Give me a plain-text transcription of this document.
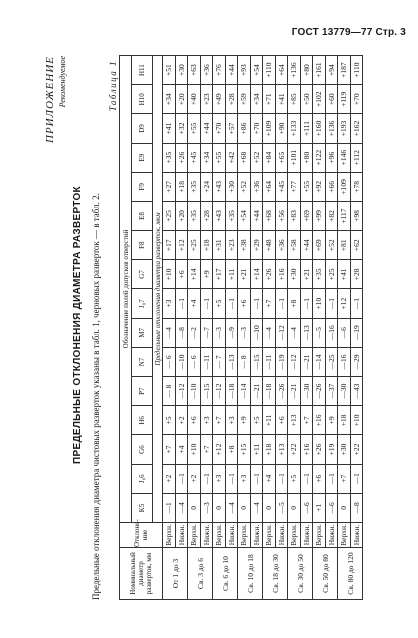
ГОСТ 13779—77 Стр. 3
ПРИЛОЖЕНИЕ Рекомендуемое
ПРЕДЕЛЬНЫЕ ОТКЛОНЕНИЯ ДИАМЕТРА РАЗВЕРТОК Предельные отклонения диаметра чистовых разверток указаны в табл. 1, черновых разверток — в табл. 2.
Таблица 1
Номинальный диаметр разверток, мм	Отклонение	Обозначение полей допусков отверстий															
		K5	J₈6	G6	H6	P7	N7	M7	J₈7	G7	F8	E8	F9	E9	D9	H10	H11
		Предельные отклонения диаметра разверток, мкм															

От 1 до 3	Верхн.	—1	+2	+7	+5	— 8	— 6	—4	+3	+10	+17	+25	+27	+35	+41	+34	+51
	Нижн.	—4	—1	+4	+2	—12	—10	—8	—1	+6	+12	+20	+18	+26	+32	+20	+30
Св. 3 до 6	Верхн.	0	+2	+10	+6	—10	— 6	—2	+4	+14	+25	+35	+35	+45	+55	+40	+63
	Нижн.	—3	—1	+7	+3	—15	—11	—7	—1	+9	+18	+28	+24	+34	+44	+23	+36
Св. 6 до 10	Верхн.	0	+3	+12	+7	—12	— 7	—3	+5	+17	+31	+43	+43	+55	+70	+49	+76
	Нижн.	—4	—1	+8	+3	—18	—13	—9	—1	+11	+23	+35	+30	+42	+57	+28	+44
Св. 10 до 18	Верхн.	0	+3	+15	+9	—14	— 8	—3	+6	+21	+38	+54	+52	+68	+86	+59	+93
	Нижн.	—4	—1	+11	+5	—21	—15	—10	—1	+14	+29	+44	+36	+52	+70	+34	+54
Св. 18 до 30	Верхн.	0	+4	+18	+11	—18	—11	—4	+7	+26	+48	+68	+64	+84	+109	+71	+110
	Нижн.	—5	—1	+13	+6	—26	—19	—12	—1	+16	+36	+56	+45	+65	+90	+41	+64
Св. 30 до 50	Верхн.	0	+5	+22	+13	—21	—12	—4	+8	+30	+58	+83	+77	+101	+133	+85	+136
	Нижн.	—6	—1	+16	+7	—30	—21	—13	—1	+21	+44	+69	+55	+80	+111	+50	+80
Св. 50 до 80	Верхн.	+1	+6	+26	+16	—26	—14	—5	+10	+35	+69	+99	+92	+122	+160	+102	+161
	Нижн.	—6	—1	+19	+9	—37	—25	—16	—1	+25	+52	+82	+66	+96	+136	+60	+94
Св. 80 до 120	Верхн.	0	+7	+30	+18	—30	—16	—6	+12	+41	+81	+117	+109	+146	+193	+119	+187
	Нижн.	—8	—1	+22	+10	—43	—29	—19	—1	+28	+62	+98	+78	+112	+162	+70	+110
